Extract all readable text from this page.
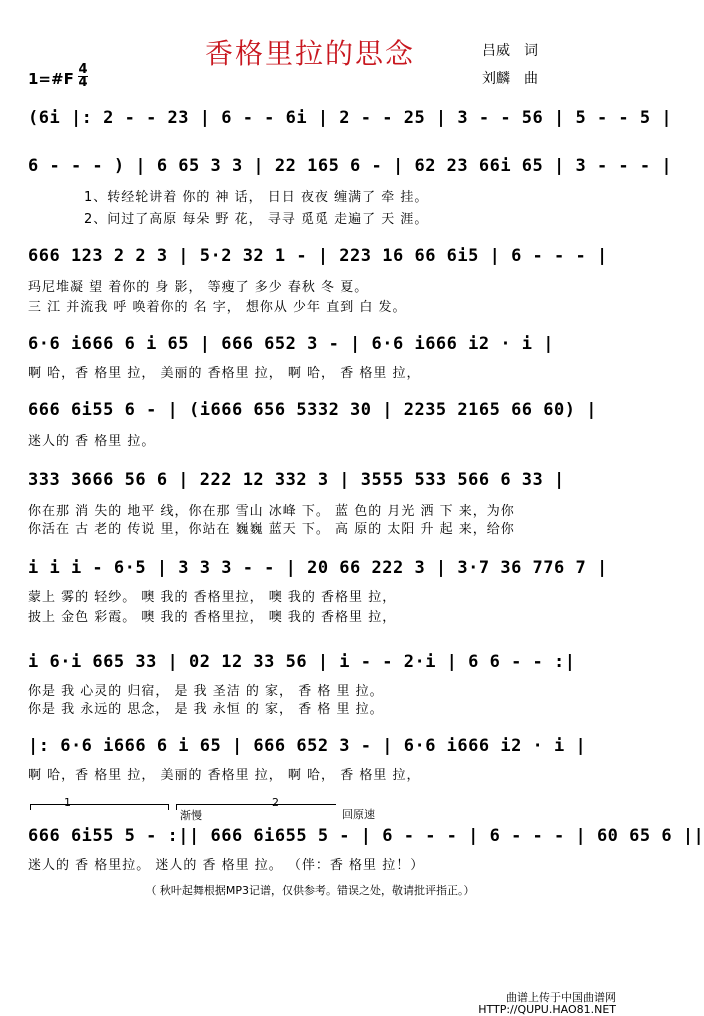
香格里拉的思念	吕威　词
刘麟　曲
1=#F
4
4
(6i |: 2 - - 23 | 6 - - 6i | 2 - - 25 | 3 - - 56 | 5 - - 5 |
6 - - - ) | 6 65 3 3 | 22 165 6 - | 62 23 66i 65 | 3 - - - |
1、转经轮讲着 你的 神 话， 日日 夜夜 缠满了 牵 挂。
2、问过了高原 每朵 野 花， 寻寻 觅觅 走遍了 天 涯。
666 123 2 2 3 | 5·2 32 1 - | 223 16 66 6i5 | 6 - - - |
玛尼堆凝 望 着你的 身 影， 等瘦了 多少 春秋 冬 夏。
三 江 并流我 呼 唤着你的 名 字， 想你从 少年 直到 白 发。
6·6 i666 6 i 65 | 666 652 3 - | 6·6 i666 i2 · i |
啊 哈，香 格里 拉， 美丽的 香格里 拉， 啊 哈， 香 格里 拉，
666 6i55 6 - | (i666 656 5332 30 | 2235 2165 66 60) |
迷人的 香 格里 拉。
333 3666 56 6 | 222 12 332 3 | 3555 533 566 6 33 |
你在那 消 失的 地平 线，你在那 雪山 冰峰 下。 蓝 色的 月光 洒 下 来，为你
你活在 古 老的 传说 里，你站在 巍巍 蓝天 下。 高 原的 太阳 升 起 来，给你
i i i - 6·5 | 3 3 3 - - | 20 66 222 3 | 3·7 36 776 7 |
蒙上 雾的 轻纱。 噢 我的 香格里拉， 噢 我的 香格里 拉，
披上 金色 彩霞。 噢 我的 香格里拉， 噢 我的 香格里 拉，
i 6·i 665 33 | 02 12 33 56 | i - - 2·i | 6 6 - - :|
你是 我 心灵的 归宿， 是 我 圣洁 的 家， 香 格 里 拉。
你是 我 永远的 思念， 是 我 永恒 的 家， 香 格 里 拉。
|: 6·6 i666 6 i 65 | 666 652 3 - | 6·6 i666 i2 · i |
啊 哈，香 格里 拉， 美丽的 香格里 拉， 啊 哈， 香 格里 拉，
1	2
渐慢	回原速
666 6i55 5 - :|| 666 6i655 5 - | 6 - - - | 6 - - - | 60 65 6 ||
迷人的 香 格里拉。 迷人的 香 格里 拉。 （伴：香 格里 拉！）
（ 秋叶起舞根据MP3记谱，仅供参考。错误之处，敬请批评指正。）
曲谱上传于中国曲谱网
HTTP://QUPU.HAO81.NET
